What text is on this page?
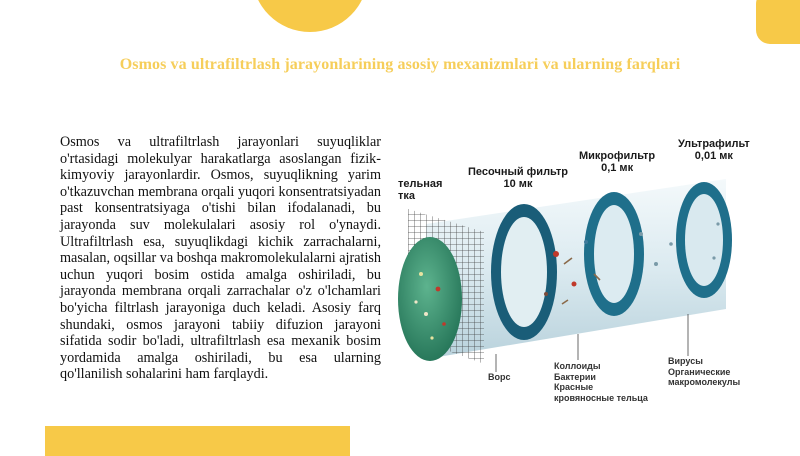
Osmos va ultrafiltrlash jarayonlarining asosiy mexanizmlari va ularning farqlari
Osmos va ultrafiltrlash jarayonlari suyuqliklar o'rtasidagi molekulyar harakatlarga asoslangan fizik-kimyoviy jarayonlardir. Osmos, suyuqlikning yarim o'tkazuvchan membrana orqali yuqori konsentratsiyadan past konsentratsiyaga o'tishi bilan ifodalanadi, bu jarayonda suv molekulalari asosiy rol o'ynaydi. Ultrafiltrlash esa, suyuqlikdagi kichik zarrachalarni, masalan, oqsillar va boshqa makromolekulalarni ajratish uchun yuqori bosim ostida amalga oshiriladi, bu jarayonda membrana orqali zarrachalar o'z o'lchamlari bo'yicha filtrlash jarayoniga duch keladi. Asosiy farq shundaki, osmos jarayoni tabiiy difuzion jarayoni sifatida sodir bo'ladi, ultrafiltrlash esa mexanik bosim yordamida amalga oshiriladi, bu esa ularning qo'llanilish sohalarini ham farqlaydi.
тельная
тка
Песочный фильтр
10 мк
Микрофильтр
0,1 мк
Ультрафильт
0,01 мк
Ворс
Коллоиды
Бактерии
Красные
кровяносные тельца
Вирусы
Органические
макромолекулы
